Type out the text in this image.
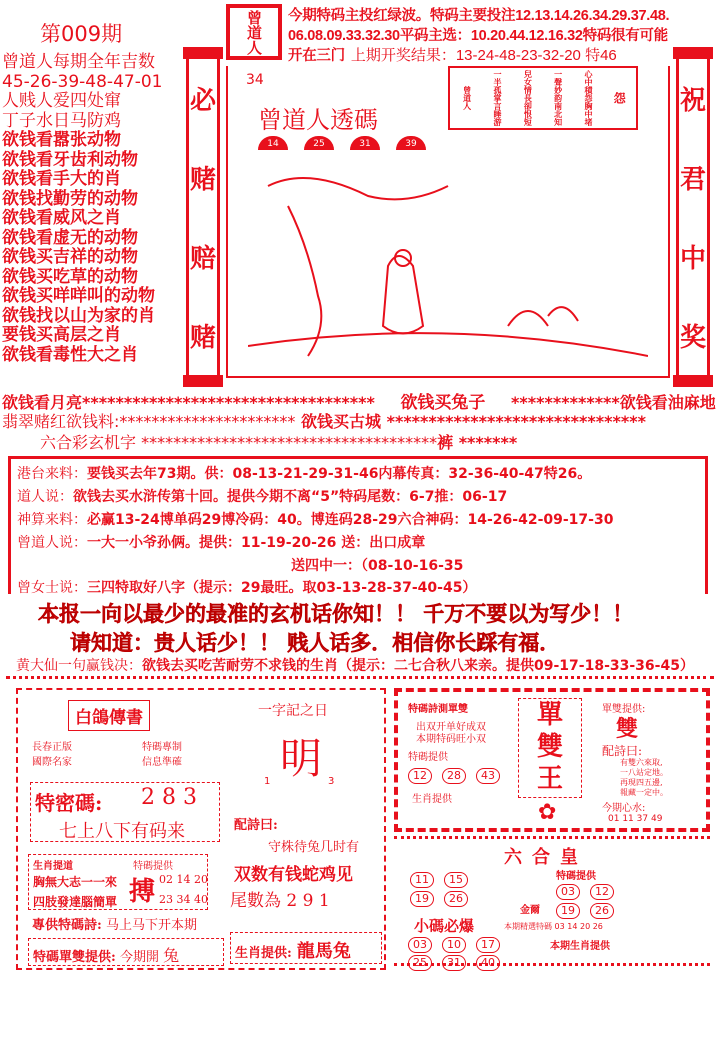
第009期	曾道人 今期特码主投红绿波。特码主要投注12.13.14.26.34.29.37.48.
06.08.09.33.32.30平码主选：10.20.44.12.16.32特码很有可能
开在三门 上期开奖结果：13-24-48-23-32-20 特46
曾道人每期全年吉数
45-26-39-48-47-01
人贱人爱四处窜
丁子水日马防鸡
欲钱看嚣张动物
欲钱看牙齿利动物
欲钱看手大的肖
欲钱找勤劳的动物
欲钱看威风之肖
欲钱看虚无的动物
欲钱买吉祥的动物
欲钱买吃草的动物
欲钱买咩咩叫的动物
欲钱找以山为家的肖
要钱买高层之肖
欲钱看毒性大之肖
必
赌
赔
赌
祝
君
中
奖
34
曾道人透碼
14	25	31	39
怨
心中積怨胸中堵
一聲妙韵南北知
兒女情長卻恨短
一半孤掌言睡游
曾道人
欲钱看月亮*********************************** 欲钱买兔子 *************欲钱看油麻地
翡翠赌红欲钱料:********************** 欲钱买古城 *******************************
六合彩玄机字 *************************************裤 *******
港台来料：要钱买去年73期。供：08-13-21-29-31-46内幕传真：32-36-40-47特26。
道人说：欲钱去买水浒传第十回。提供今期不离“5”特码尾数：6-7推：06-17
神算来料：必赢13-24博单码29博冷码：40。博连码28-29六合神码：14-26-42-09-17-30
曾道人说：一大一小爷孙俩。提供：11-19-20-26 送：出口成章
送四中一：（08-10-16-35
曾女士说：三四特取好八字（提示：29最旺。取03-13-28-37-40-45）
本报一向以最少的最准的玄机话你知！！ 千万不要以为写少！！
请知道：贵人话少！！ 贱人话多．相信你长踩有福．
黄大仙一句赢钱决：欲钱去买吃苦耐劳不求钱的生肖（提示：二七合秋八来亲。提供09-17-18-33-36-45）
白鴿傳書
長春正版 國際名家
特碼專制 信息準確
一字記之日
明
1	3
特密碼: 2 8 3
七上八下有码来	配詩曰:
守株待兔几时有
生肖提道
胸無大志一一來
四肢發達腦簡單
特碼提供
搏 02 14 20
23 34 40
双数有钱蛇鸡见
尾數為 2 9 1
專供特碼詩: 马上马下开本期
特碼單雙提供: 今期開 兔	生肖提供: 龍馬兔
特碼詩測單雙
出双开单好成双
本期特码旺小双
特碼提供
12 28 43
生肖提供
單
雙
王
✿
單雙提供:
雙
配詩曰:
有雙六來取,
一八站定地。
再現四五邊,
報藏一定中。
今期心水:
01 11 37 49
六合皇
11 15
19 26
特碼提供
03 12
19 26
金爾
小碼必爆	本期精選特碼 03 14 20 26
03 10 17
25 31 40
本期生肖提供
